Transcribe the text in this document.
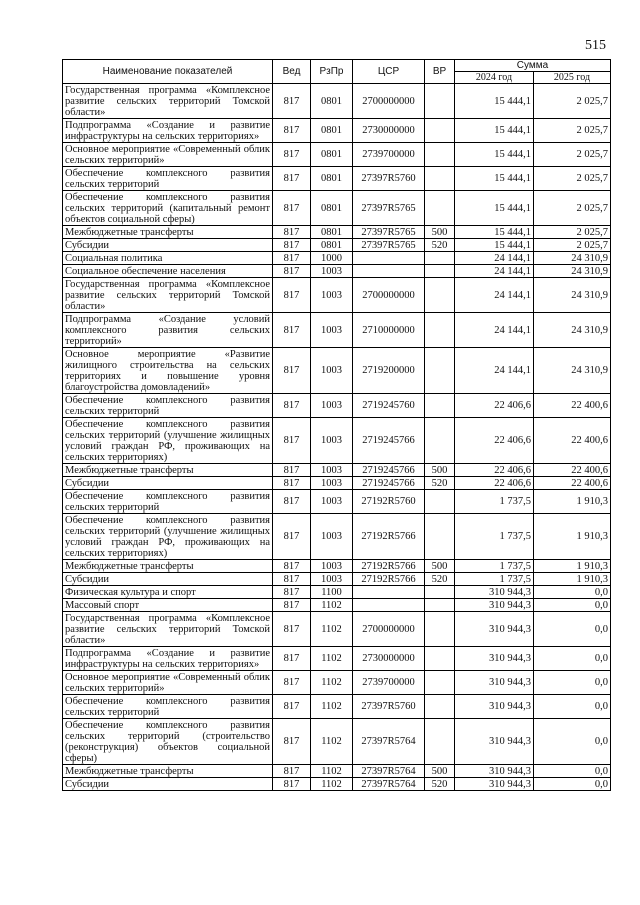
515
Наименование показателей	Вед	РзПр	ЦСР	ВР	Сумма	
					2024 год	2025 год
Государственная программа «Комплексное развитие сельских территорий Томской области»	817	0801	2700000000		15 444,1	2 025,7
Подпрограмма «Создание и развитие инфраструктуры на сельских территориях»	817	0801	2730000000		15 444,1	2 025,7
Основное мероприятие «Современный облик сельских территорий»	817	0801	2739700000		15 444,1	2 025,7
Обеспечение комплексного развития сельских территорий	817	0801	27397R5760		15 444,1	2 025,7
Обеспечение комплексного развития сельских территорий (капитальный ремонт объектов социальной сферы)	817	0801	27397R5765		15 444,1	2 025,7
Межбюджетные трансферты	817	0801	27397R5765	500	15 444,1	2 025,7
Субсидии	817	0801	27397R5765	520	15 444,1	2 025,7
Социальная политика	817	1000			24 144,1	24 310,9
Социальное обеспечение населения	817	1003			24 144,1	24 310,9
Государственная программа «Комплексное развитие сельских территорий Томской области»	817	1003	2700000000		24 144,1	24 310,9
Подпрограмма «Создание условий комплексного развития сельских территорий»	817	1003	2710000000		24 144,1	24 310,9
Основное мероприятие «Развитие жилищного строительства на сельских территориях и повышение уровня благоустройства домовладений»	817	1003	2719200000		24 144,1	24 310,9
Обеспечение комплексного развития сельских территорий	817	1003	2719245760		22 406,6	22 400,6
Обеспечение комплексного развития сельских территорий (улучшение жилищных условий граждан РФ, проживающих на сельских территориях)	817	1003	2719245766		22 406,6	22 400,6
Межбюджетные трансферты	817	1003	2719245766	500	22 406,6	22 400,6
Субсидии	817	1003	2719245766	520	22 406,6	22 400,6
Обеспечение комплексного развития сельских территорий	817	1003	27192R5760		1 737,5	1 910,3
Обеспечение комплексного развития сельских территорий (улучшение жилищных условий граждан РФ, проживающих на сельских территориях)	817	1003	27192R5766		1 737,5	1 910,3
Межбюджетные трансферты	817	1003	27192R5766	500	1 737,5	1 910,3
Субсидии	817	1003	27192R5766	520	1 737,5	1 910,3
Физическая культура и спорт	817	1100			310 944,3	0,0
Массовый спорт	817	1102			310 944,3	0,0
Государственная программа «Комплексное развитие сельских территорий Томской области»	817	1102	2700000000		310 944,3	0,0
Подпрограмма «Создание и развитие инфраструктуры на сельских территориях»	817	1102	2730000000		310 944,3	0,0
Основное мероприятие «Современный облик сельских территорий»	817	1102	2739700000		310 944,3	0,0
Обеспечение комплексного развития сельских территорий	817	1102	27397R5760		310 944,3	0,0
Обеспечение комплексного развития сельских территорий (строительство (реконструкция) объектов социальной сферы)	817	1102	27397R5764		310 944,3	0,0
Межбюджетные трансферты	817	1102	27397R5764	500	310 944,3	0,0
Субсидии	817	1102	27397R5764	520	310 944,3	0,0
